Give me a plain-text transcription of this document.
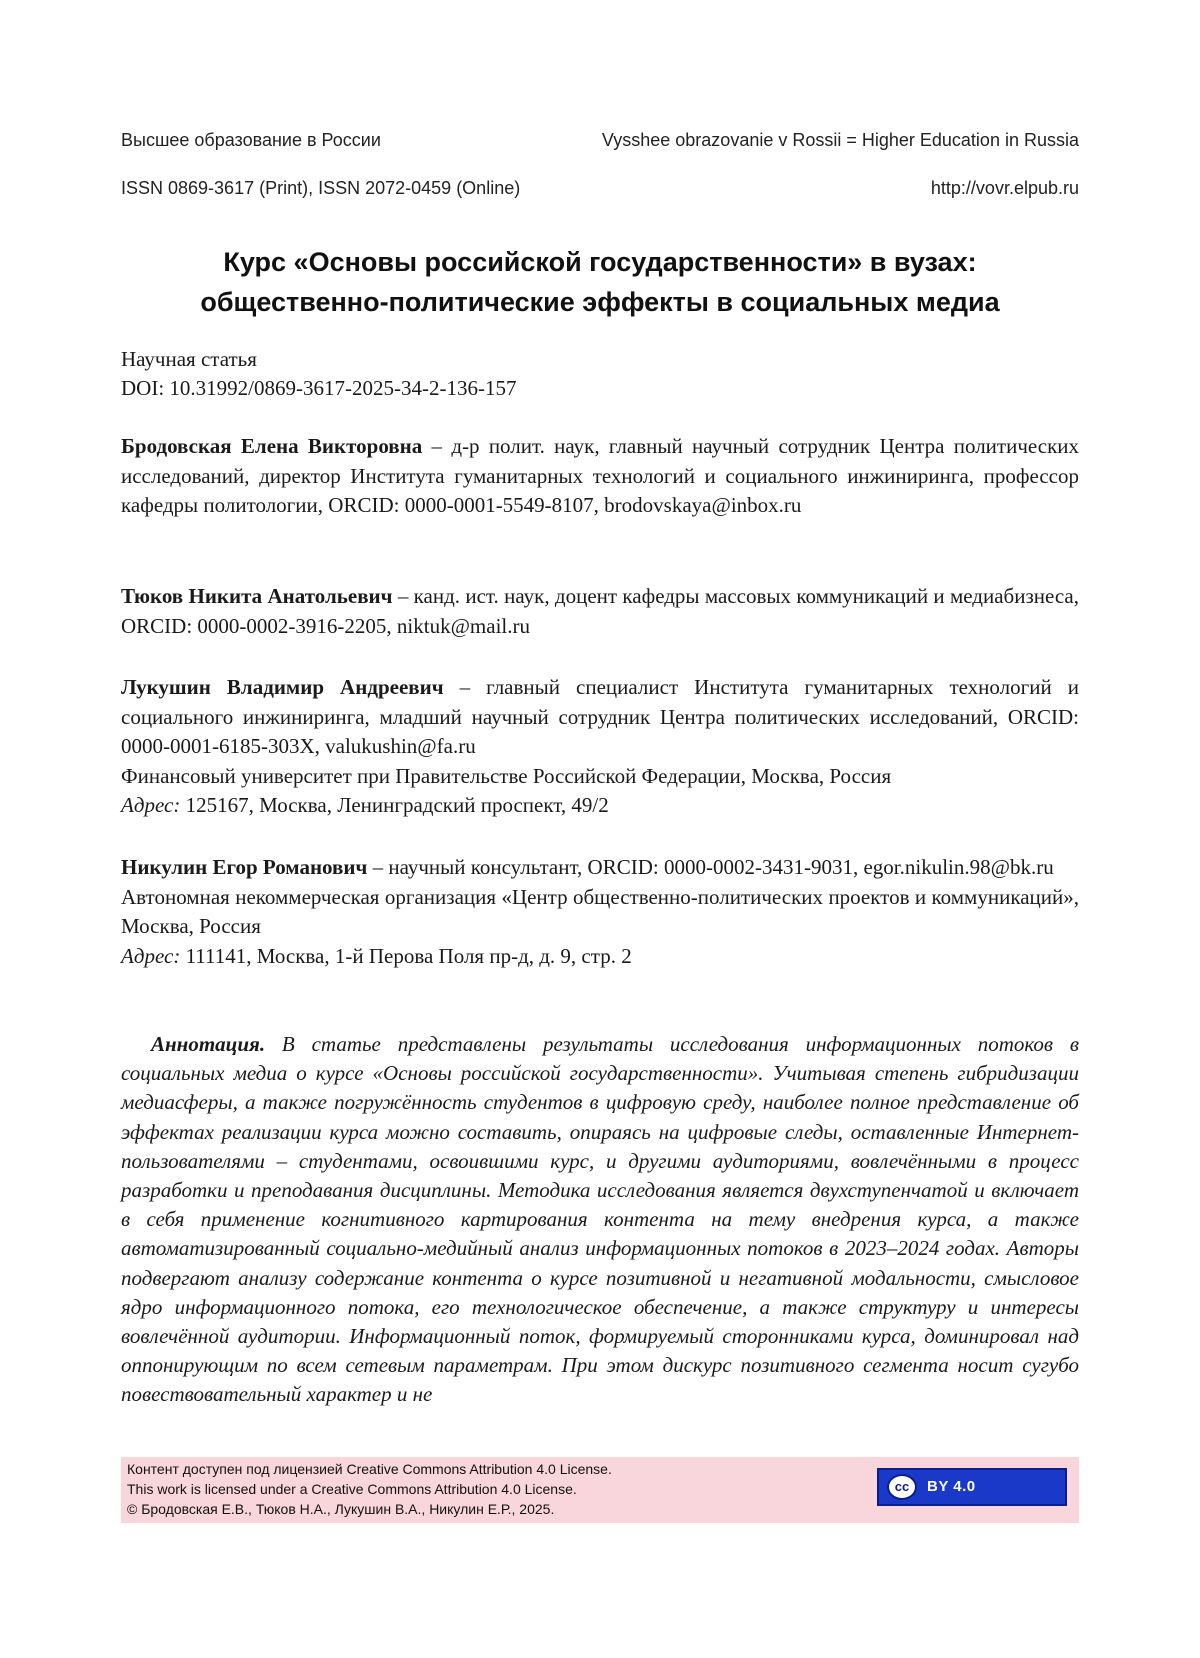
Высшее образование в России	Vysshee obrazovanie v Rossii = Higher Education in Russia
ISSN 0869-3617 (Print), ISSN 2072-0459 (Online)	http://vovr.elpub.ru
Курс «Основы российской государственности» в вузах:
общественно-политические эффекты в социальных медиа
Научная статья
DOI: 10.31992/0869-3617-2025-34-2-136-157
Бродовская Елена Викторовна – д-р полит. наук, главный научный сотрудник Центра политических исследований, директор Института гуманитарных технологий и социального инжиниринга, профессор кафедры политологии, ORCID: 0000-0001-5549-8107, brodovskaya@inbox.ru
Тюков Никита Анатольевич – канд. ист. наук, доцент кафедры массовых коммуникаций и медиабизнеса, ORCID: 0000-0002-3916-2205, niktuk@mail.ru
Лукушин Владимир Андреевич – главный специалист Института гуманитарных технологий и социального инжиниринга, младший научный сотрудник Центра политических исследований, ORCID: 0000-0001-6185-303X, valukushin@fa.ru
Финансовый университет при Правительстве Российской Федерации, Москва, Россия
Адрес: 125167, Москва, Ленинградский проспект, 49/2
Никулин Егор Романович – научный консультант, ORCID: 0000-0002-3431-9031, egor.nikulin.98@bk.ru
Автономная некоммерческая организация «Центр общественно-политических проектов и коммуникаций», Москва, Россия
Адрес: 111141, Москва, 1-й Перова Поля пр-д, д. 9, стр. 2
Аннотация. В статье представлены результаты исследования информационных потоков в социальных медиа о курсе «Основы российской государственности». Учитывая степень гибридизации медиасферы, а также погружённость студентов в цифровую среду, наиболее полное представление об эффектах реализации курса можно составить, опираясь на цифровые следы, оставленные Интернет-пользователями – студентами, освоившими курс, и другими аудиториями, вовлечёнными в процесс разработки и преподавания дисциплины. Методика исследования является двухступенчатой и включает в себя применение когнитивного картирования контента на тему внедрения курса, а также автоматизированный социально-медийный анализ информационных потоков в 2023–2024 годах. Авторы подвергают анализу содержание контента о курсе позитивной и негативной модальности, смысловое ядро информационного потока, его технологическое обеспечение, а также структуру и интересы вовлечённой аудитории. Информационный поток, формируемый сторонниками курса, доминировал над оппонирующим по всем сетевым параметрам. При этом дискурс позитивного сегмента носит сугубо повествовательный характер и не
Контент доступен под лицензией Creative Commons Attribution 4.0 License.
This work is licensed under a Creative Commons Attribution 4.0 License.
© Бродовская Е.В., Тюков Н.А., Лукушин В.А., Никулин Е.Р., 2025.
cc	BY 4.0
